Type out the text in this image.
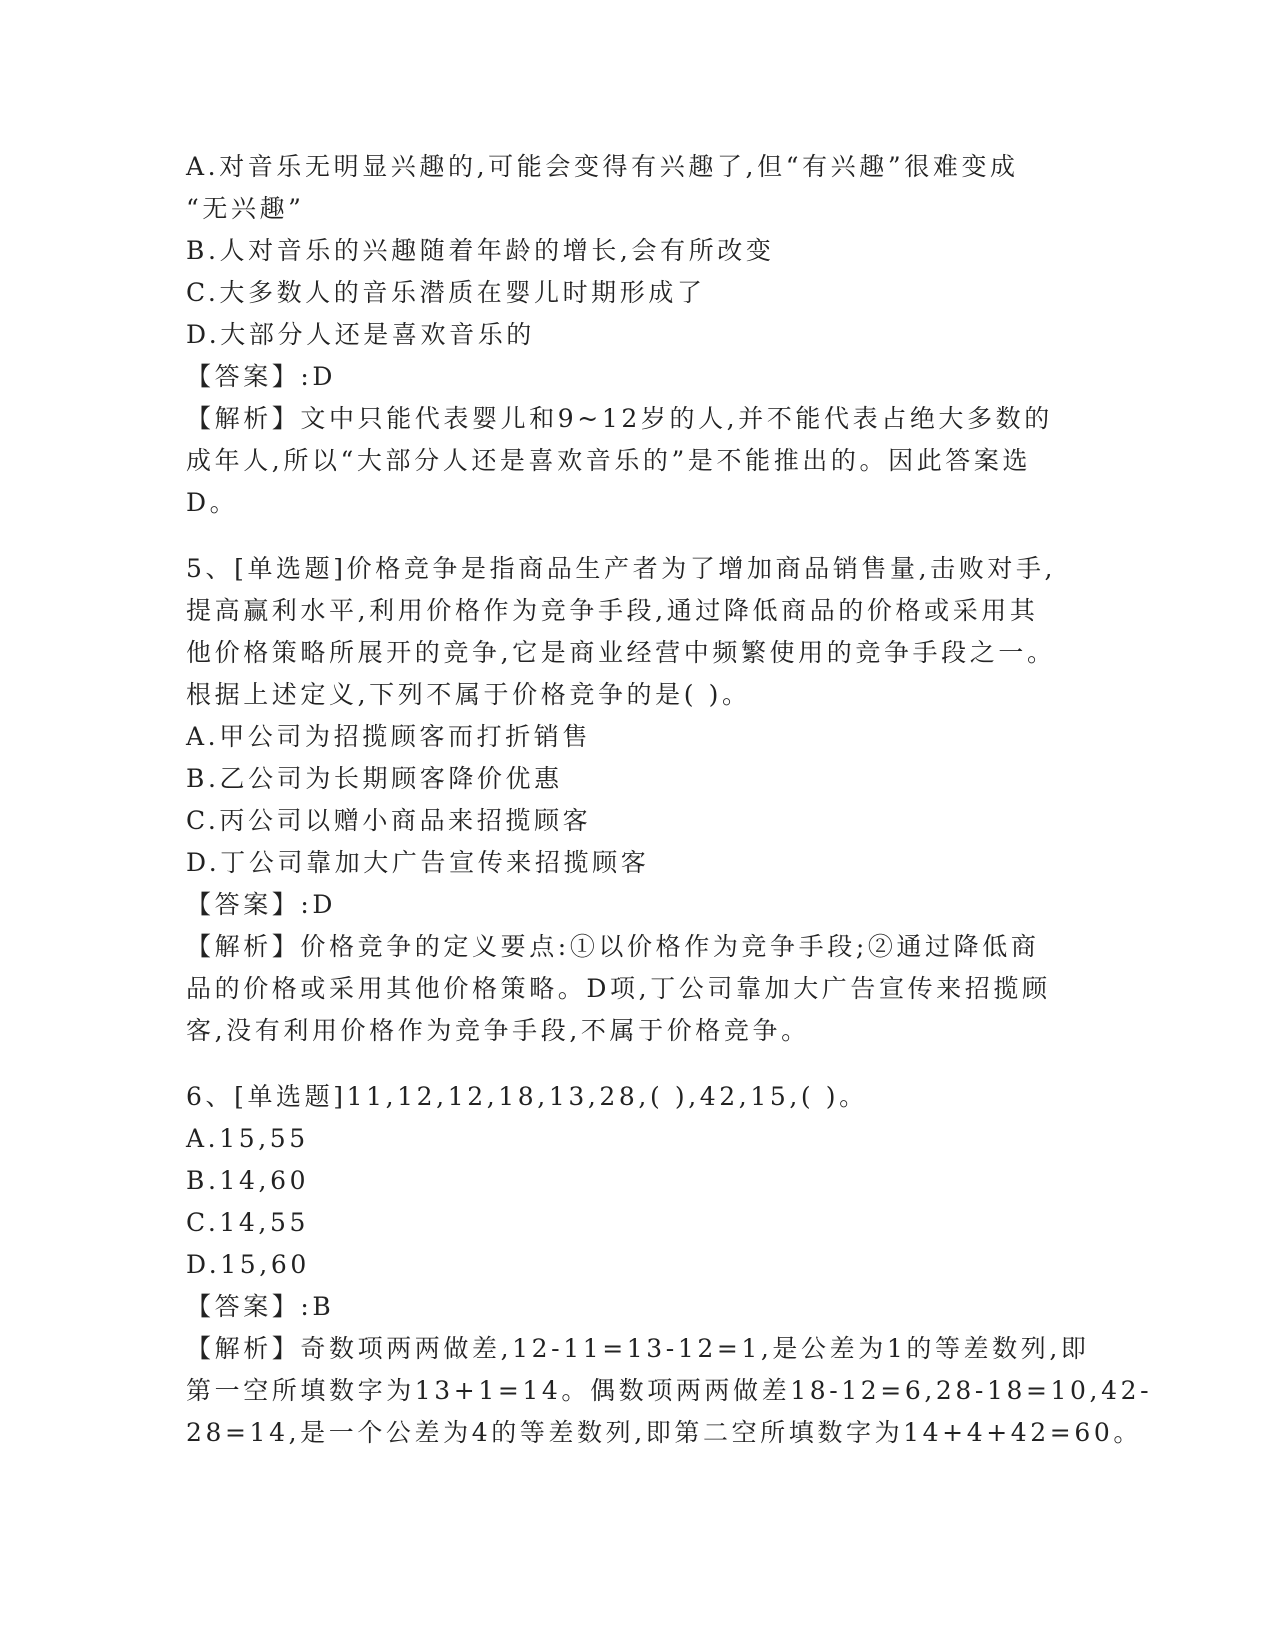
A.对音乐无明显兴趣的,可能会变得有兴趣了,但“有兴趣”很难变成
“无兴趣”
B.人对音乐的兴趣随着年龄的增长,会有所改变
C.大多数人的音乐潜质在婴儿时期形成了
D.大部分人还是喜欢音乐的
【答案】:D
【解析】文中只能代表婴儿和9~12岁的人,并不能代表占绝大多数的
成年人,所以“大部分人还是喜欢音乐的”是不能推出的。因此答案选
D。
5、[单选题]价格竞争是指商品生产者为了增加商品销售量,击败对手,
提高赢利水平,利用价格作为竞争手段,通过降低商品的价格或采用其
他价格策略所展开的竞争,它是商业经营中频繁使用的竞争手段之一。
根据上述定义,下列不属于价格竞争的是( )。
A.甲公司为招揽顾客而打折销售
B.乙公司为长期顾客降价优惠
C.丙公司以赠小商品来招揽顾客
D.丁公司靠加大广告宣传来招揽顾客
【答案】:D
【解析】价格竞争的定义要点:①以价格作为竞争手段;②通过降低商
品的价格或采用其他价格策略。D项,丁公司靠加大广告宣传来招揽顾
客,没有利用价格作为竞争手段,不属于价格竞争。
6、[单选题]11,12,12,18,13,28,( ),42,15,( )。
A.15,55
B.14,60
C.14,55
D.15,60
【答案】:B
【解析】奇数项两两做差,12-11=13-12=1,是公差为1的等差数列,即
第一空所填数字为13+1=14。偶数项两两做差18-12=6,28-18=10,42-
28=14,是一个公差为4的等差数列,即第二空所填数字为14+4+42=60。
